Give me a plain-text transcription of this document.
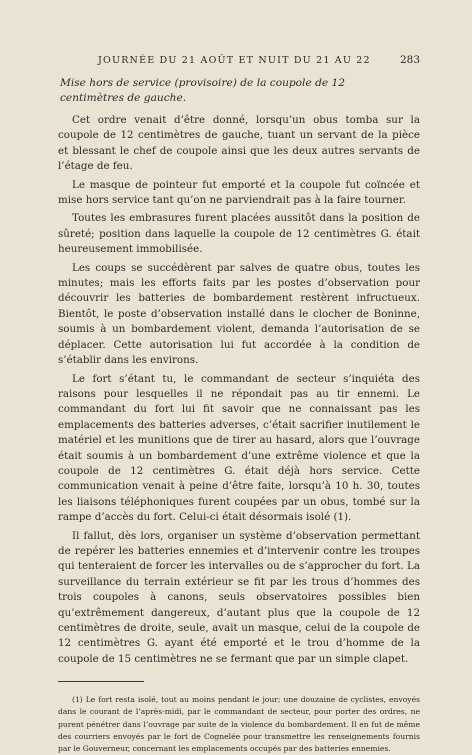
JOURNÉE DU 21 AOÛT ET NUIT DU 21 AU 22	283
Mise hors de service (provisoire) de la coupole de 12 centimètres de gauche.

Cet ordre venait d’être donné, lorsqu’un obus tomba sur la coupole de 12 centimètres de gauche, tuant un servant de la pièce et blessant le chef de coupole ainsi que les deux autres servants de l’étage de feu.

Le masque de pointeur fut emporté et la coupole fut coïncée et mise hors service tant qu’on ne parviendrait pas à la faire tourner.

Toutes les embrasures furent placées aussitôt dans la position de sûreté; position dans laquelle la coupole de 12 centimètres G. était heureusement immobilisée.

Les coups se succédèrent par salves de quatre obus, toutes les minutes; mais les efforts faits par les postes d’observation pour découvrir les batteries de bombardement restèrent infructueux. Bientôt, le poste d’observation installé dans le clocher de Boninne, soumis à un bombardement violent, demanda l’autorisation de se déplacer. Cette autorisation lui fut accordée à la condition de s’établir dans les environs.

Le fort s’étant tu, le commandant de secteur s’inquiéta des raisons pour lesquelles il ne répondait pas au tir ennemi. Le commandant du fort lui fit savoir que ne connaissant pas les emplacements des batteries adverses, c’était sacrifier inutilement le matériel et les munitions que de tirer au hasard, alors que l’ouvrage était soumis à un bombardement d’une extrême violence et que la coupole de 12 centimètres G. était déjà hors service. Cette communication venait à peine d’être faite, lorsqu’à 10 h. 30, toutes les liaisons téléphoniques furent coupées par un obus, tombé sur la rampe d’accès du fort. Celui-ci était désormais isolé (1).

Il fallut, dès lors, organiser un système d’observation permettant de repérer les batteries ennemies et d’intervenir contre les troupes qui tenteraient de forcer les intervalles ou de s’approcher du fort. La surveillance du terrain extérieur se fit par les trous d’hommes des trois coupoles à canons, seuls observatoires possibles bien qu’extrêmement dangereux, d’autant plus que la coupole de 12 centimètres de droite, seule, avait un masque, celui de la coupole de 12 centimètres G. ayant été emporté et le trou d’homme de la coupole de 15 centimètres ne se fermant que par un simple clapet.

(1) Le fort resta isolé, tout au moins pendant le jour; une douzaine de cyclistes, envoyés dans le courant de l’après-midi, par le commandant de secteur, pour porter des ordres, ne purent pénétrer dans l’ouvrage par suite de la violence du bombardement. Il en fut de même des courriers envoyés par le fort de Cognelée pour transmettre les renseignements fournis par le Gouverneur, concernant les emplacements occupés par des batteries ennemies.
